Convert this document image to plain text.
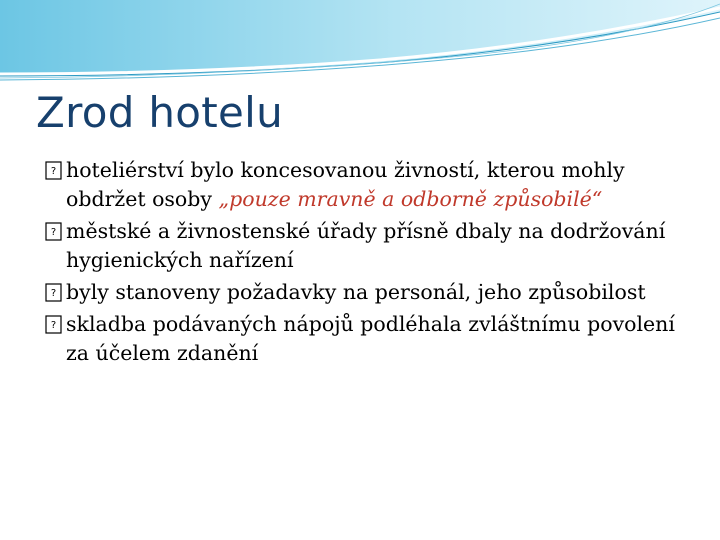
Zrod hotelu
? hoteliérství bylo koncesovanou živností, kterou mohly obdržet osoby „pouze mravně a odborně způsobilé“
? městské a živnostenské úřady přísně dbaly na dodržování hygienických nařízení
? byly stanoveny požadavky na personál, jeho způsobilost
? skladba podávaných nápojů podléhala zvláštnímu povolení za účelem zdanění
